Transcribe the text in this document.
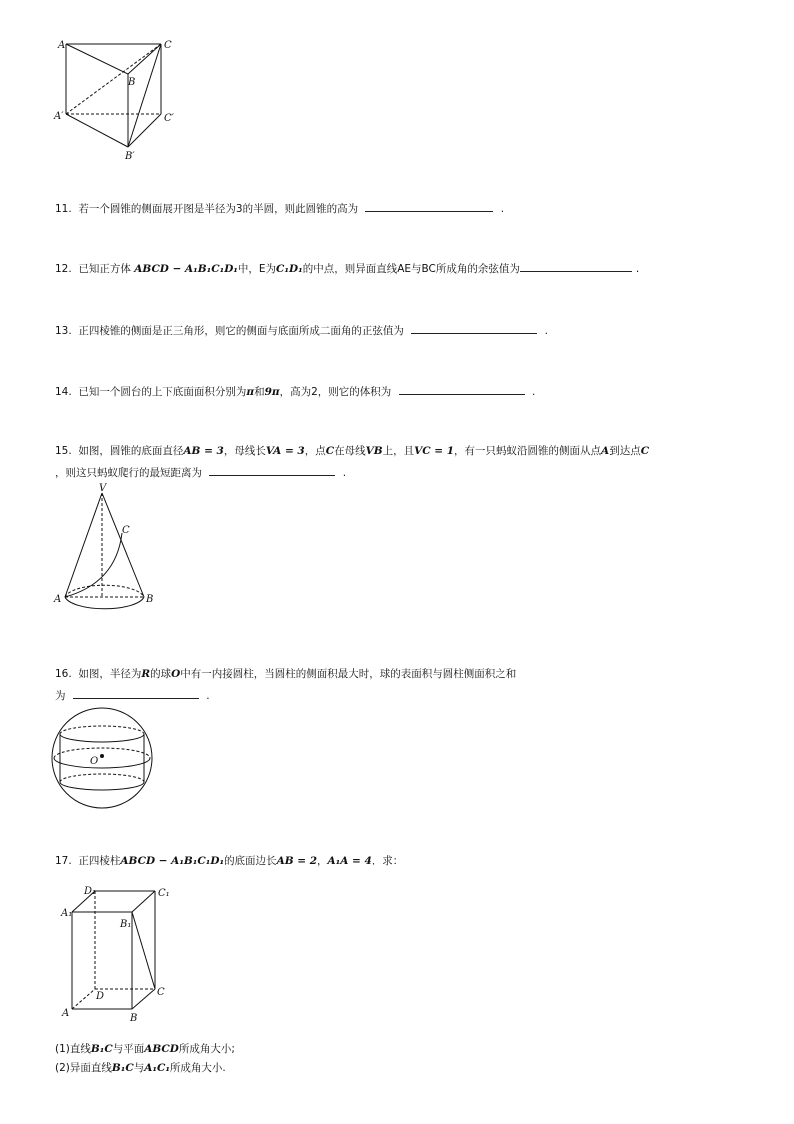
A	C
B
A′	C′
B′
11. 若一个圆锥的侧面展开图是半径为3的半圆，则此圆锥的高为	.
12. 已知正方体 ABCD − A₁B₁C₁D₁中，E为C₁D₁的中点，则异面直线AE与BC所成角的余弦值为	.
13. 正四棱锥的侧面是正三角形，则它的侧面与底面所成二面角的正弦值为	.
14. 已知一个圆台的上下底面面积分别为π和9π，高为2，则它的体积为	.
15. 如图，圆锥的底面直径AB = 3，母线长VA = 3，点C在母线VB上，且VC = 1，有一只蚂蚁沿圆锥的侧面从点A到达点C
，则这只蚂蚁爬行的最短距离为	.
V
C
A	B
16. 如图，半径为R的球O中有一内接圆柱，当圆柱的侧面积最大时，球的表面积与圆柱侧面积之和
为	.
O
17. 正四棱柱ABCD − A₁B₁C₁D₁的底面边长AB = 2，A₁A = 4．求：
D₁	C₁
A₁
B₁
D	C
A	B
(1)直线B₁C与平面ABCD所成角大小;
(2)异面直线B₁C与A₁C₁所成角大小.
